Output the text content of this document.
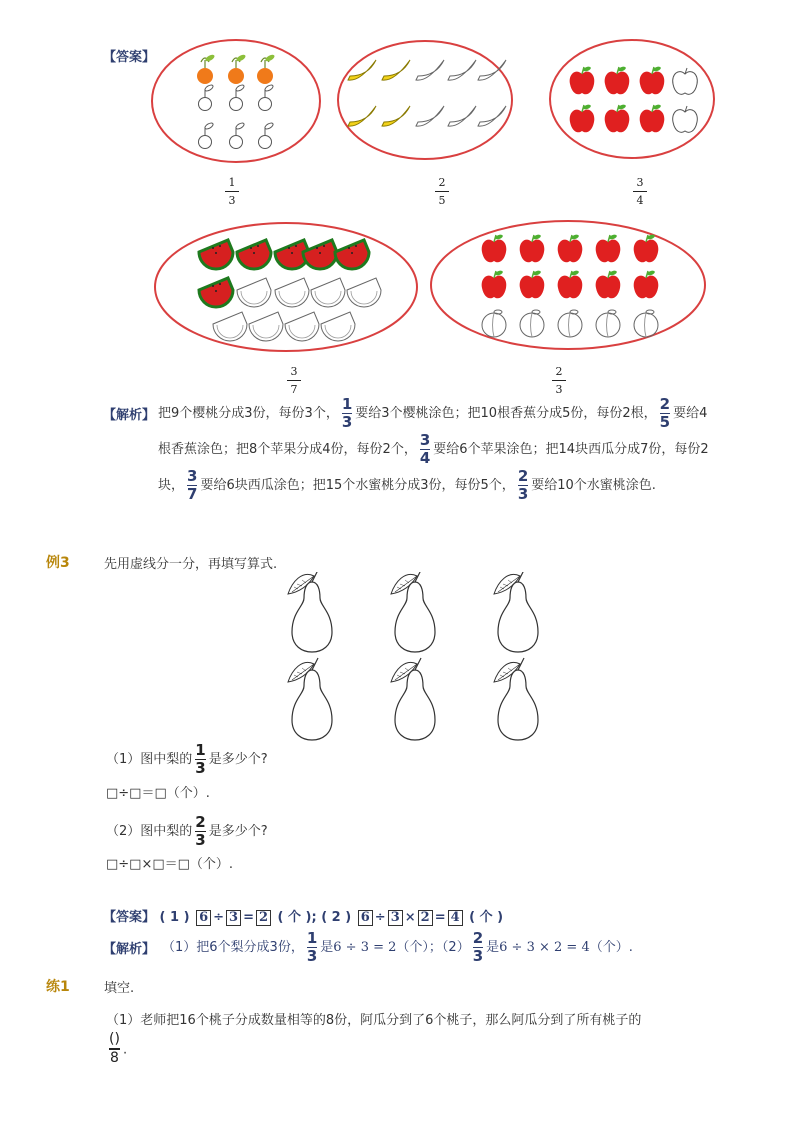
【答案】
1
3
2
5
3
4
3
7
2
3
【解析】 把9个樱桃分成3份，每份3个， $\frac{1}{3}$ 要给3个樱桃涂色；把10根香蕉分成5份，每份2根， $\frac{2}{5}$ 要给4根香蕉涂色；把8个苹果分成4份，每份2个， $\frac{3}{4}$ 要给6个苹果涂色；把14块西瓜分成7份，每份2块， $\frac{3}{7}$ 要给6块西瓜涂色；把15个水蜜桃分成3份，每份5个， $\frac{2}{3}$ 要给10个水蜜桃涂色.
例3	先用虚线分一分，再填写算式.
（1）图中梨的 $\frac{1}{3}$ 是多少个?
□÷□＝□（个）.
（2）图中梨的 $\frac{2}{3}$ 是多少个?
□÷□×□＝□（个）.
【答案】 ( 1 ) 6 ÷ 3 = 2 ( 个 ); ( 2 ) 6 ÷ 3 × 2 = 4 ( 个 )
【解析】 （1）把6个梨分成3份， $\frac{1}{3}$ 是6 ÷ 3 = 2（个）；$(2) \frac{2}{3}$ 是6 ÷ 3 × 2 = 4（个）.
练1	填空.
（1）老师把16个桃子分成数量相等的8份，阿瓜分到了6个桃子，那么阿瓜分到了所有桃子的
()
8 .
